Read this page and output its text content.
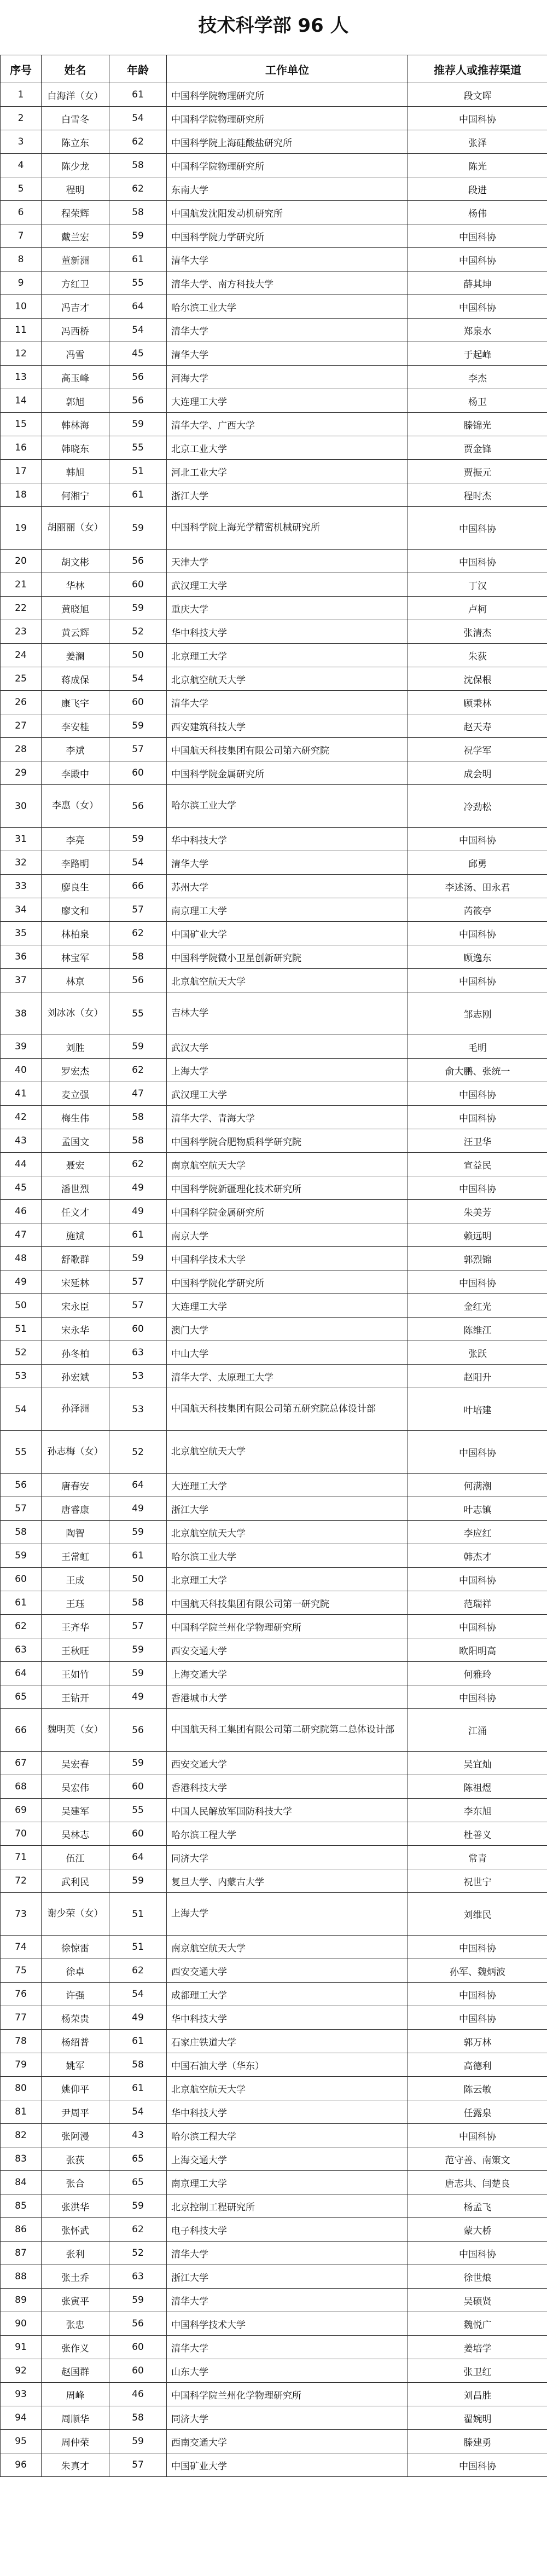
技术科学部 96 人
序号	姓名	年龄	工作单位	推荐人或推荐渠道
1	白海洋（女）	61	中国科学院物理研究所	段文晖
2	白雪冬	54	中国科学院物理研究所	中国科协
3	陈立东	62	中国科学院上海硅酸盐研究所	张泽
4	陈少龙	58	中国科学院物理研究所	陈光
5	程明	62	东南大学	段进
6	程荣辉	58	中国航发沈阳发动机研究所	杨伟
7	戴兰宏	59	中国科学院力学研究所	中国科协
8	董新洲	61	清华大学	中国科协
9	方红卫	55	清华大学、南方科技大学	薛其坤
10	冯吉才	64	哈尔滨工业大学	中国科协
11	冯西桥	54	清华大学	郑泉水
12	冯雪	45	清华大学	于起峰
13	高玉峰	56	河海大学	李杰
14	郭旭	56	大连理工大学	杨卫
15	韩林海	59	清华大学、广西大学	滕锦光
16	韩晓东	55	北京工业大学	贾金锋
17	韩旭	51	河北工业大学	贾振元
18	何湘宁	61	浙江大学	程时杰
19	胡丽丽（女）	59	中国科学院上海光学精密机械研究所	中国科协
20	胡文彬	56	天津大学	中国科协
21	华林	60	武汉理工大学	丁汉
22	黄晓旭	59	重庆大学	卢柯
23	黄云辉	52	华中科技大学	张清杰
24	姜澜	50	北京理工大学	朱荻
25	蒋成保	54	北京航空航天大学	沈保根
26	康飞宇	60	清华大学	顾秉林
27	李安桂	59	西安建筑科技大学	赵天寿
28	李斌	57	中国航天科技集团有限公司第六研究院	祝学军
29	李殿中	60	中国科学院金属研究所	成会明
30	李惠（女）	56	哈尔滨工业大学	冷劲松
31	李亮	59	华中科技大学	中国科协
32	李路明	54	清华大学	邱勇
33	廖良生	66	苏州大学	李述汤、田永君
34	廖文和	57	南京理工大学	芮筱亭
35	林柏泉	62	中国矿业大学	中国科协
36	林宝军	58	中国科学院微小卫星创新研究院	顾逸东
37	林京	56	北京航空航天大学	中国科协
38	刘冰冰（女）	55	吉林大学	邹志刚
39	刘胜	59	武汉大学	毛明
40	罗宏杰	62	上海大学	俞大鹏、张统一
41	麦立强	47	武汉理工大学	中国科协
42	梅生伟	58	清华大学、青海大学	中国科协
43	孟国文	58	中国科学院合肥物质科学研究院	汪卫华
44	聂宏	62	南京航空航天大学	宣益民
45	潘世烈	49	中国科学院新疆理化技术研究所	中国科协
46	任文才	49	中国科学院金属研究所	朱美芳
47	施斌	61	南京大学	赖远明
48	舒歌群	59	中国科学技术大学	郭烈锦
49	宋延林	57	中国科学院化学研究所	中国科协
50	宋永臣	57	大连理工大学	金红光
51	宋永华	60	澳门大学	陈维江
52	孙冬柏	63	中山大学	张跃
53	孙宏斌	53	清华大学、太原理工大学	赵阳升
54	孙泽洲	53	中国航天科技集团有限公司第五研究院总体设计部	叶培建
55	孙志梅（女）	52	北京航空航天大学	中国科协
56	唐春安	64	大连理工大学	何满潮
57	唐睿康	49	浙江大学	叶志镇
58	陶智	59	北京航空航天大学	李应红
59	王常虹	61	哈尔滨工业大学	韩杰才
60	王成	50	北京理工大学	中国科协
61	王珏	58	中国航天科技集团有限公司第一研究院	范瑞祥
62	王齐华	57	中国科学院兰州化学物理研究所	中国科协
63	王秋旺	59	西安交通大学	欧阳明高
64	王如竹	59	上海交通大学	何雅玲
65	王钻开	49	香港城市大学	中国科协
66	魏明英（女）	56	中国航天科工集团有限公司第二研究院第二总体设计部	江涌
67	吴宏春	59	西安交通大学	吴宜灿
68	吴宏伟	60	香港科技大学	陈祖煜
69	吴建军	55	中国人民解放军国防科技大学	李东旭
70	吴林志	60	哈尔滨工程大学	杜善义
71	伍江	64	同济大学	常青
72	武利民	59	复旦大学、内蒙古大学	祝世宁
73	谢少荣（女）	51	上海大学	刘维民
74	徐惊雷	51	南京航空航天大学	中国科协
75	徐卓	62	西安交通大学	孙军、魏炳波
76	许强	54	成都理工大学	中国科协
77	杨荣贵	49	华中科技大学	中国科协
78	杨绍普	61	石家庄铁道大学	郭万林
79	姚军	58	中国石油大学（华东）	高德利
80	姚仰平	61	北京航空航天大学	陈云敏
81	尹周平	54	华中科技大学	任露泉
82	张阿漫	43	哈尔滨工程大学	中国科协
83	张荻	65	上海交通大学	范守善、南策文
84	张合	65	南京理工大学	唐志共、闫楚良
85	张洪华	59	北京控制工程研究所	杨孟飞
86	张怀武	62	电子科技大学	蒙大桥
87	张利	52	清华大学	中国科协
88	张土乔	63	浙江大学	徐世烺
89	张寅平	59	清华大学	吴硕贤
90	张忠	56	中国科学技术大学	魏悦广
91	张作义	60	清华大学	姜培学
92	赵国群	60	山东大学	张卫红
93	周峰	46	中国科学院兰州化学物理研究所	刘昌胜
94	周顺华	58	同济大学	翟婉明
95	周仲荣	59	西南交通大学	滕建勇
96	朱真才	57	中国矿业大学	中国科协
